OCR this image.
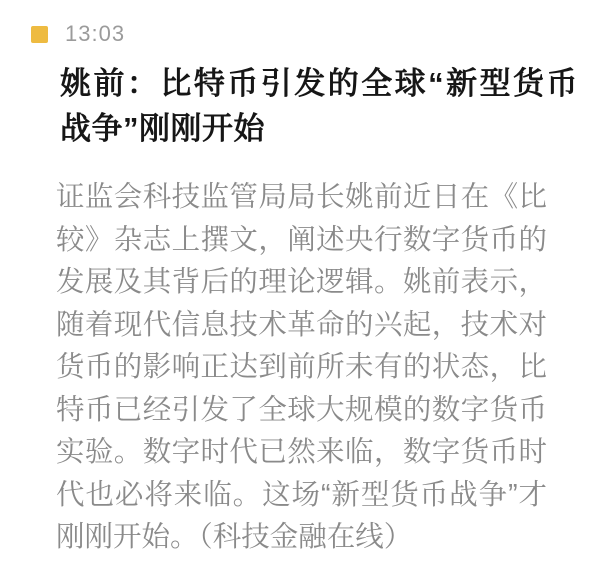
13:03
姚前：比特币引发的全球“新型货币战争”刚刚开始

证监会科技监管局局长姚前近日在《比较》杂志上撰文，阐述央行数字货币的发展及其背后的理论逻辑。姚前表示，随着现代信息技术革命的兴起，技术对货币的影响正达到前所未有的状态，比特币已经引发了全球大规模的数字货币实验。数字时代已然来临，数字货币时代也必将来临。这场“新型货币战争”才刚刚开始。（科技金融在线）
